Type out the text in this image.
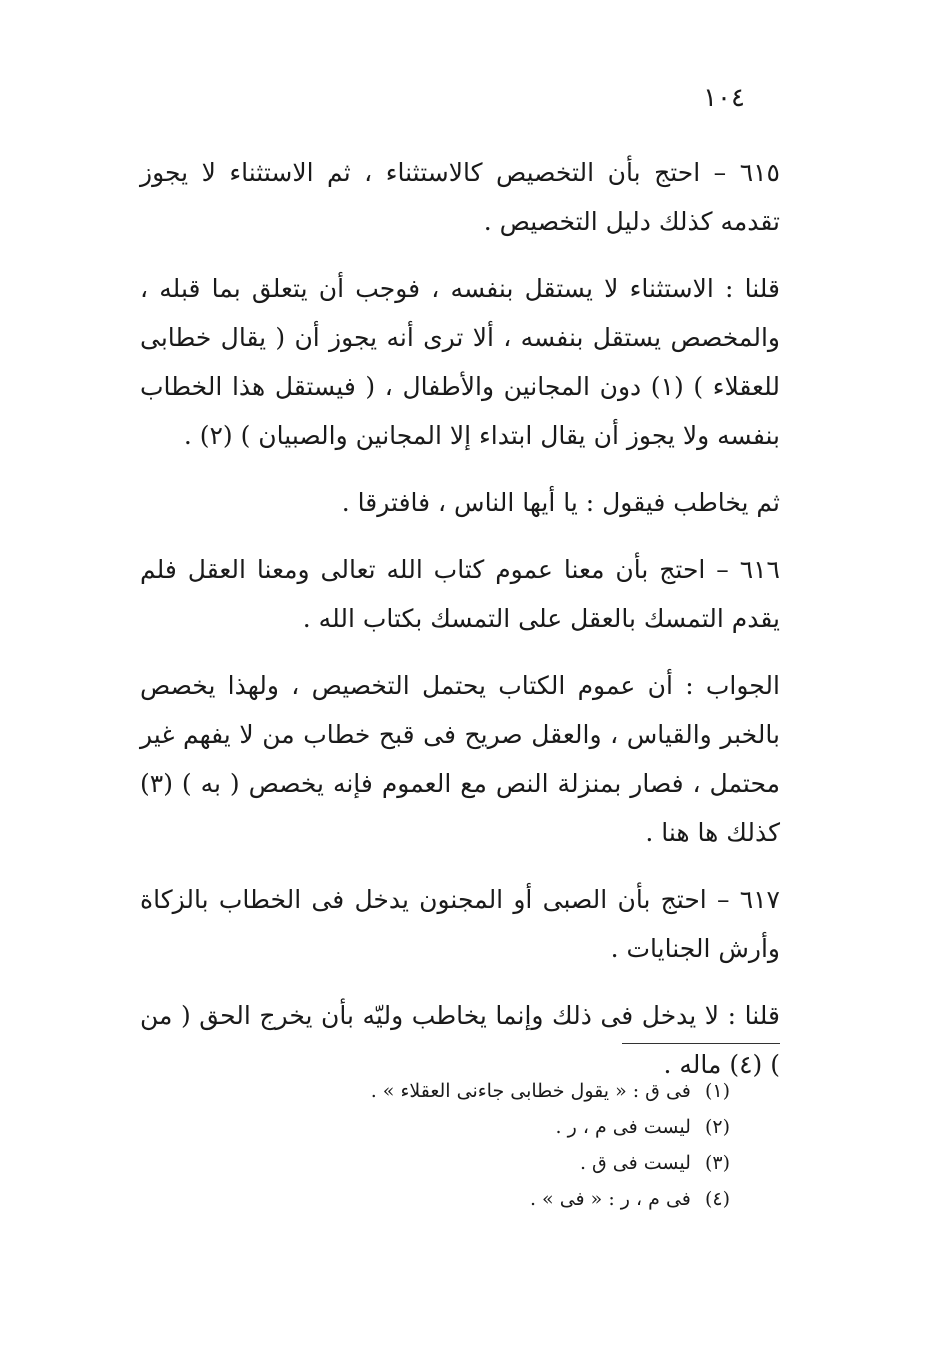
١٠٤

٦١٥ – احتج بأن التخصيص كالاستثناء ، ثم الاستثناء لا يجوز تقدمه كذلك دليل التخصيص .

قلنا : الاستثناء لا يستقل بنفسه ، فوجب أن يتعلق بما قبله ، والمخصص يستقل بنفسه ، ألا ترى أنه يجوز أن ( يقال خطابى للعقلاء ) (١) دون المجانين والأطفال ، ( فيستقل هذا الخطاب بنفسه ولا يجوز أن يقال ابتداء إلا المجانين والصبيان ) (٢) .

ثم يخاطب فيقول : يا أيها الناس ، فافترقا .

٦١٦ – احتج بأن معنا عموم كتاب الله تعالى ومعنا العقل فلم يقدم التمسك بالعقل على التمسك بكتاب الله .

الجواب : أن عموم الكتاب يحتمل التخصيص ، ولهذا يخصص بالخبر والقياس ، والعقل صريح فى قبح خطاب من لا يفهم غير محتمل ، فصار بمنزلة النص مع العموم فإنه يخصص ( به ) (٣) كذلك ها هنا .

٦١٧ – احتج بأن الصبى أو المجنون يدخل فى الخطاب بالزكاة وأرش الجنايات .

قلنا : لا يدخل فى ذلك وإنما يخاطب وليّه بأن يخرج الحق ( من ) (٤) ماله .

(١) فى ق : « يقول خطابى جاءنى العقلاء » .
(٢) ليست فى م ، ر .
(٣) ليست فى ق .
(٤) فى م ، ر : « فى » .
